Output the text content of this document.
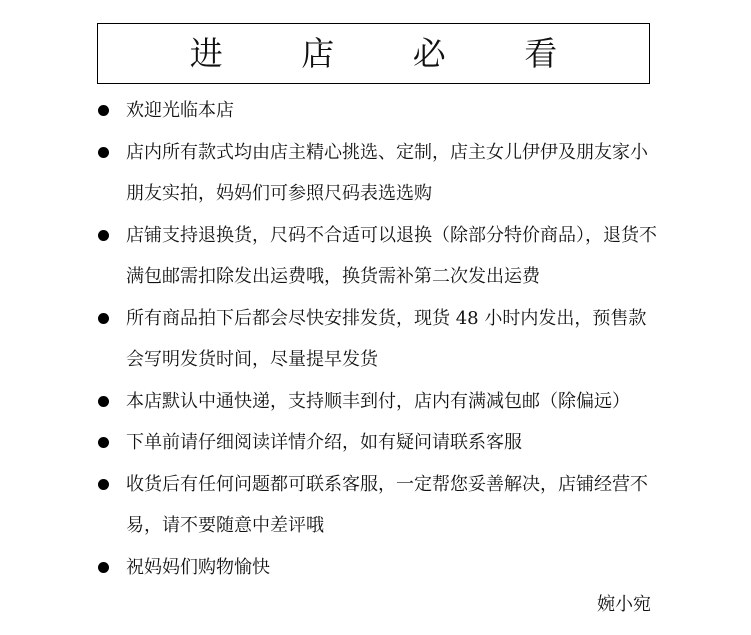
进 店 必 看
欢迎光临本店
店内所有款式均由店主精心挑选、定制，店主女儿伊伊及朋友家小朋友实拍，妈妈们可参照尺码表选选购
店铺支持退换货，尺码不合适可以退换（除部分特价商品），退货不满包邮需扣除发出运费哦，换货需补第二次发出运费
所有商品拍下后都会尽快安排发货，现货 48 小时内发出，预售款会写明发货时间，尽量提早发货
本店默认中通快递，支持顺丰到付，店内有满减包邮（除偏远）
下单前请仔细阅读详情介绍，如有疑问请联系客服
收货后有任何问题都可联系客服，一定帮您妥善解决，店铺经营不易，请不要随意中差评哦
祝妈妈们购物愉快
婉小宛
